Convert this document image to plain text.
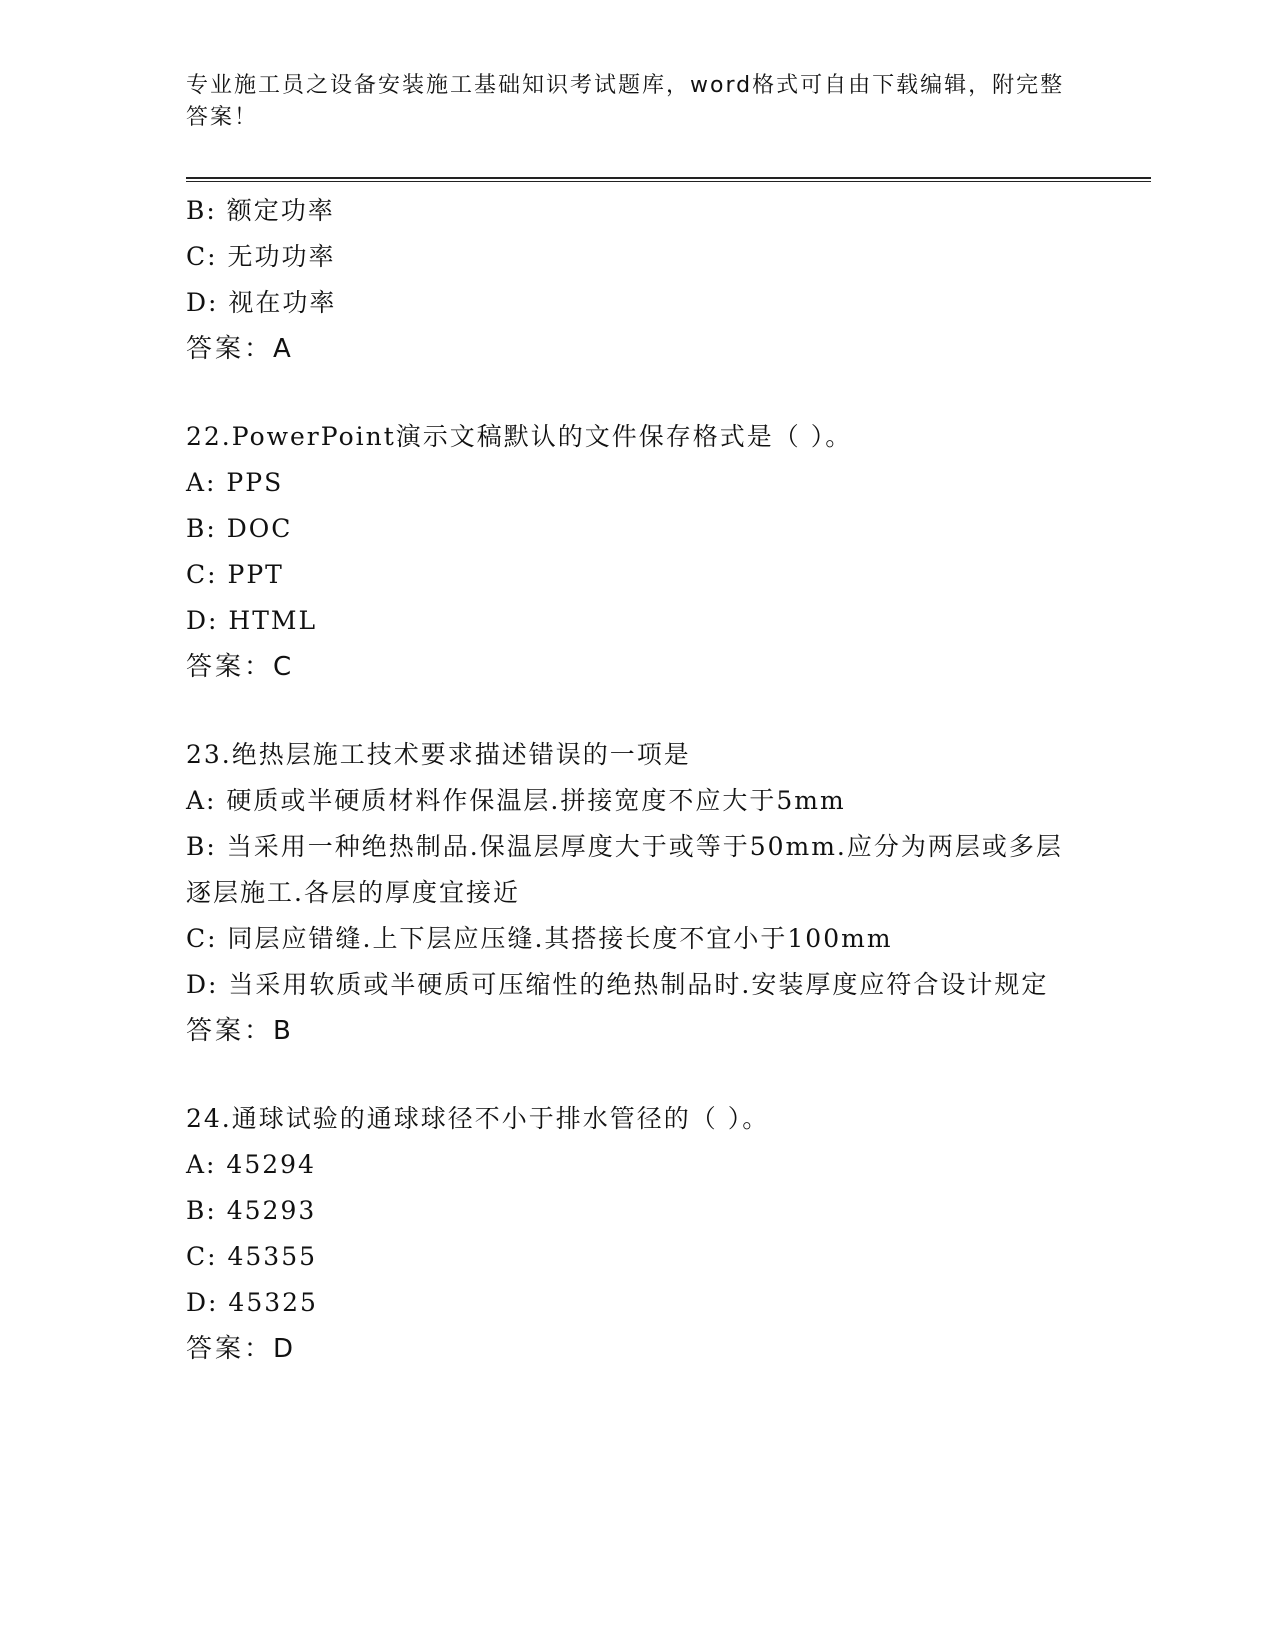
专业施工员之设备安装施工基础知识考试题库，word格式可自由下载编辑，附完整答案！
B: 额定功率
C: 无功功率
D: 视在功率
答案：A
22.PowerPoint演示文稿默认的文件保存格式是（ ）。
A: PPS
B: DOC
C: PPT
D: HTML
答案：C
23.绝热层施工技术要求描述错误的一项是
A: 硬质或半硬质材料作保温层.拼接宽度不应大于5mm
B: 当采用一种绝热制品.保温层厚度大于或等于50mm.应分为两层或多层逐层施工.各层的厚度宜接近
C: 同层应错缝.上下层应压缝.其搭接长度不宜小于100mm
D: 当采用软质或半硬质可压缩性的绝热制品时.安装厚度应符合设计规定
答案：B
24.通球试验的通球球径不小于排水管径的（ ）。
A: 45294
B: 45293
C: 45355
D: 45325
答案：D
